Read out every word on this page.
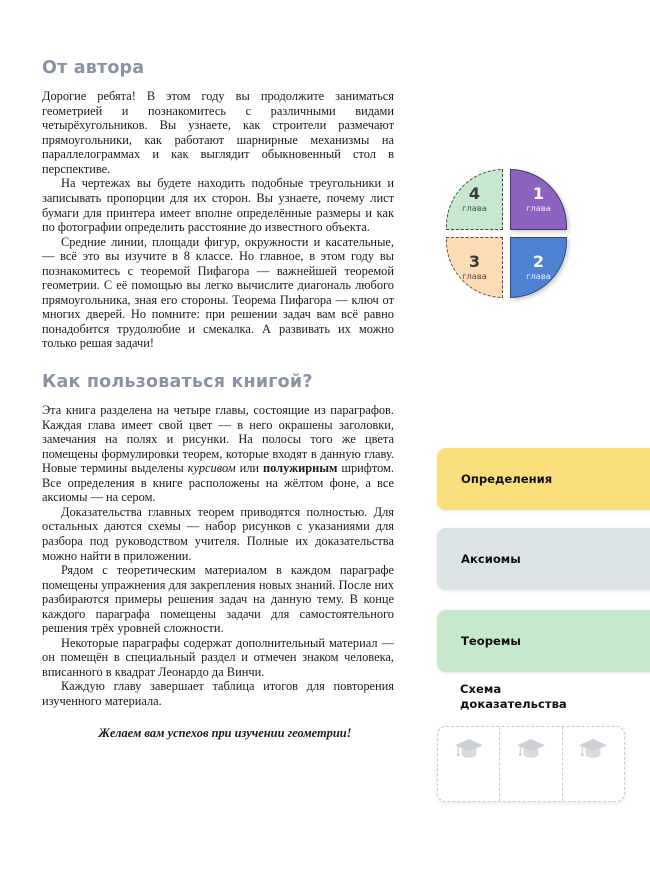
От автора

Дорогие ребята! В этом году вы продолжите заниматься геометрией и познакомитесь с различными видами четырёхугольников. Вы узнаете, как строители размечают прямоугольники, как работают шарнирные механизмы на параллелограммах и как выглядит обыкновенный стол в перспективе.

На чертежах вы будете находить подобные треугольники и записывать пропорции для их сторон. Вы узнаете, почему лист бумаги для принтера имеет вполне определённые размеры и как по фотографии определить расстояние до известного объекта.

Средние линии, площади фигур, окружности и касательные, — всё это вы изучите в 8 классе. Но главное, в этом году вы познакомитесь с теоремой Пифагора — важнейшей теоремой геометрии. С её помощью вы легко вычислите диагональ любого прямоугольника, зная его стороны. Теорема Пифагора — ключ от многих дверей. Но помните: при решении задач вам всё равно понадобится трудолюбие и смекалка. А развивать их можно только решая задачи!

Как пользоваться книгой?

Эта книга разделена на четыре главы, состоящие из параграфов. Каждая глава имеет свой цвет — в него окрашены заголовки, замечания на полях и рисунки. На полосы того же цвета помещены формулировки теорем, которые входят в данную главу. Новые термины выделены курсивом или полужирным шрифтом. Все определения в книге расположены на жёлтом фоне, а все аксиомы — на сером.

Доказательства главных теорем приводятся полностью. Для остальных даются схемы — набор рисунков с указаниями для разбора под руководством учителя. Полные их доказательства можно найти в приложении.

Рядом с теоретическим материалом в каждом параграфе помещены упражнения для закрепления новых знаний. После них разбираются примеры решения задач на данную тему. В конце каждого параграфа помещены задачи для самостоятельного решения трёх уровней сложности.

Некоторые параграфы содержат дополнительный материал — он помещён в специальный раздел и отмечен знаком человека, вписанного в квадрат Леонардо да Винчи.

Каждую главу завершает таблица итогов для повторения изученного материала.

Желаем вам успехов при изучении геометрии!

4
глава
1
глава
3
глава
2
глава
Определения
Аксиомы
Теоремы
Схема
доказательства
